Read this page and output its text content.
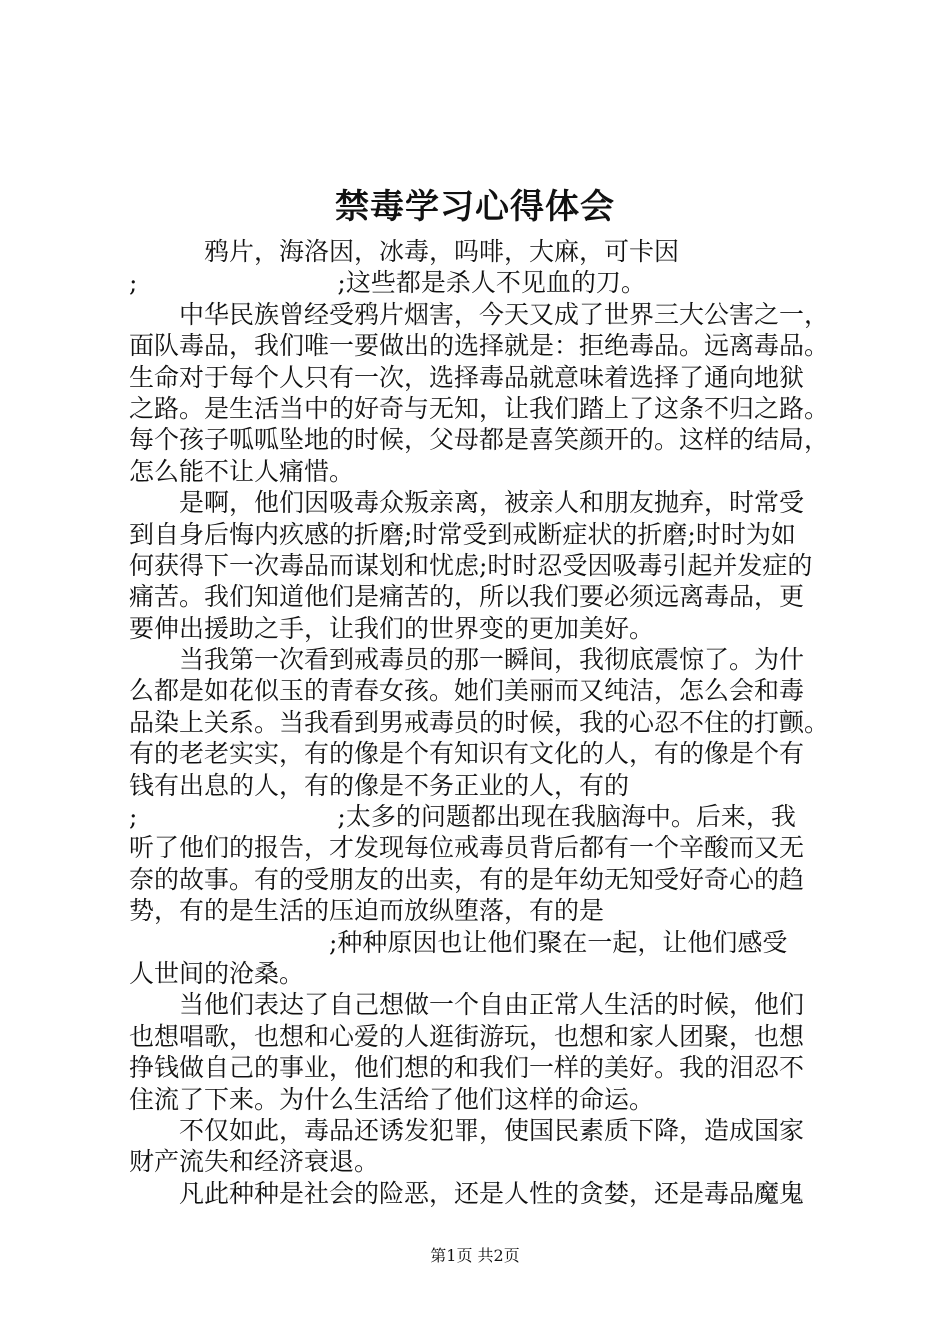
禁毒学习心得体会
　　　鸦片，海洛因，冰毒，吗啡，大麻，可卡因
;　　　　　　　　;这些都是杀人不见血的刀。
　　中华民族曾经受鸦片烟害，今天又成了世界三大公害之一，
面队毒品，我们唯一要做出的选择就是：拒绝毒品。远离毒品。
生命对于每个人只有一次，选择毒品就意味着选择了通向地狱
之路。是生活当中的好奇与无知，让我们踏上了这条不归之路。
每个孩子呱呱坠地的时候，父母都是喜笑颜开的。这样的结局，
怎么能不让人痛惜。
　　是啊，他们因吸毒众叛亲离，被亲人和朋友抛弃，时常受
到自身后悔内疚感的折磨;时常受到戒断症状的折磨;时时为如
何获得下一次毒品而谋划和忧虑;时时忍受因吸毒引起并发症的
痛苦。我们知道他们是痛苦的，所以我们要必须远离毒品，更
要伸出援助之手，让我们的世界变的更加美好。
　　当我第一次看到戒毒员的那一瞬间，我彻底震惊了。为什
么都是如花似玉的青春女孩。她们美丽而又纯洁，怎么会和毒
品染上关系。当我看到男戒毒员的时候，我的心忍不住的打颤。
有的老老实实，有的像是个有知识有文化的人，有的像是个有
钱有出息的人，有的像是不务正业的人，有的
;　　　　　　　　;太多的问题都出现在我脑海中。后来，我
听了他们的报告，才发现每位戒毒员背后都有一个辛酸而又无
奈的故事。有的受朋友的出卖，有的是年幼无知受好奇心的趋
势，有的是生活的压迫而放纵堕落，有的是
　　　　　　　　;种种原因也让他们聚在一起，让他们感受
人世间的沧桑。
　　当他们表达了自己想做一个自由正常人生活的时候，他们
也想唱歌，也想和心爱的人逛街游玩，也想和家人团聚，也想
挣钱做自己的事业，他们想的和我们一样的美好。我的泪忍不
住流了下来。为什么生活给了他们这样的命运。
　　不仅如此，毒品还诱发犯罪，使国民素质下降，造成国家
财产流失和经济衰退。
　　凡此种种是社会的险恶，还是人性的贪婪，还是毒品魔鬼
第1页 共2页
